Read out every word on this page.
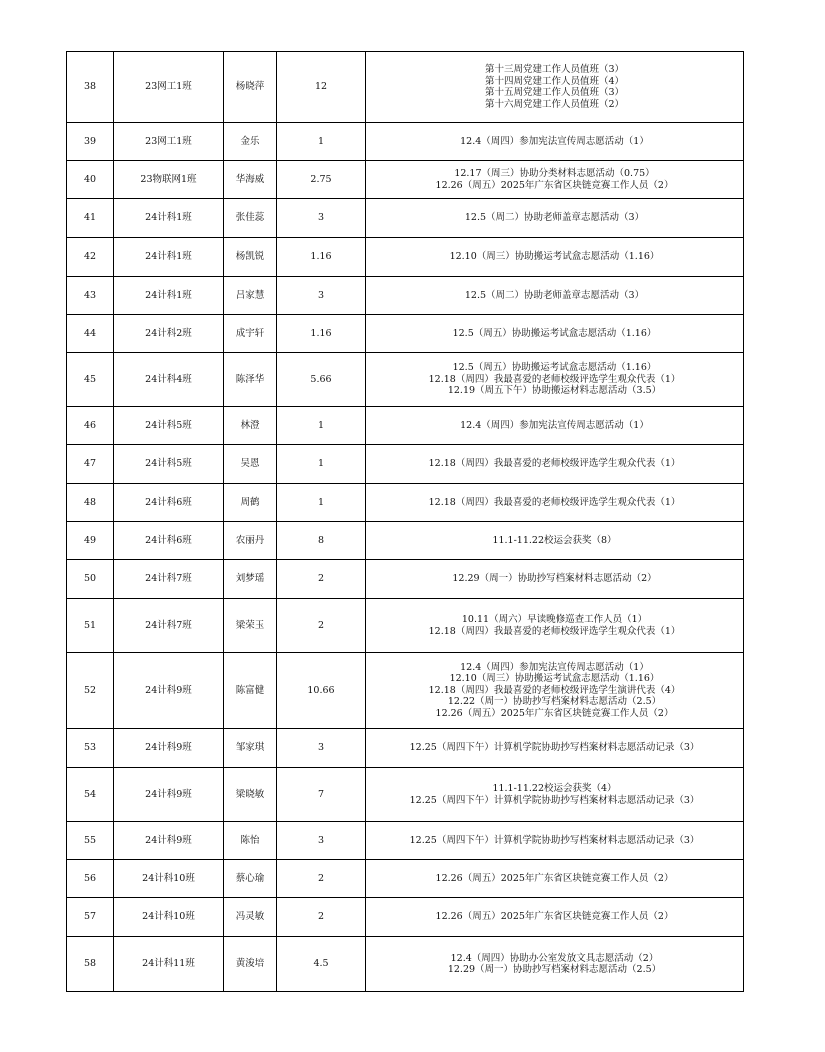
38	23网工1班	杨晓萍	12	第十三周党建工作人员值班（3）
第十四周党建工作人员值班（4）
第十五周党建工作人员值班（3）
第十六周党建工作人员值班（2）

39	23网工1班	金乐	1	12.4（周四）参加宪法宣传周志愿活动（1）

40	23物联网1班	华海威	2.75	12.17（周三）协助分类材料志愿活动（0.75）
12.26（周五）2025年广东省区块链竞赛工作人员（2）

41	24计科1班	张佳蕊	3	12.5（周二）协助老师盖章志愿活动（3）

42	24计科1班	杨凯锐	1.16	12.10（周三）协助搬运考试盒志愿活动（1.16）

43	24计科1班	吕家慧	3	12.5（周二）协助老师盖章志愿活动（3）

44	24计科2班	成宇轩	1.16	12.5（周五）协助搬运考试盒志愿活动（1.16）

45	24计科4班	陈泽华	5.66	12.5（周五）协助搬运考试盒志愿活动（1.16）
12.18（周四）我最喜爱的老师校级评选学生观众代表（1）
12.19（周五下午）协助搬运材料志愿活动（3.5）

46	24计科5班	林澄	1	12.4（周四）参加宪法宣传周志愿活动（1）

47	24计科5班	吴恩	1	12.18（周四）我最喜爱的老师校级评选学生观众代表（1）

48	24计科6班	周鹤	1	12.18（周四）我最喜爱的老师校级评选学生观众代表（1）

49	24计科6班	农丽丹	8	11.1-11.22校运会获奖（8）

50	24计科7班	刘梦瑶	2	12.29（周一）协助抄写档案材料志愿活动（2）

51	24计科7班	梁荣玉	2	10.11（周六）早读晚修巡查工作人员（1）
12.18（周四）我最喜爱的老师校级评选学生观众代表（1）

52	24计科9班	陈富健	10.66	12.4（周四）参加宪法宣传周志愿活动（1）
12.10（周三）协助搬运考试盒志愿活动（1.16）
12.18（周四）我最喜爱的老师校级评选学生演讲代表（4）
12.22（周一）协助抄写档案材料志愿活动（2.5）
12.26（周五）2025年广东省区块链竞赛工作人员（2）

53	24计科9班	邹家琪	3	12.25（周四下午）计算机学院协助抄写档案材料志愿活动记录（3）

54	24计科9班	梁晓敏	7	11.1-11.22校运会获奖（4）
12.25（周四下午）计算机学院协助抄写档案材料志愿活动记录（3）

55	24计科9班	陈怡	3	12.25（周四下午）计算机学院协助抄写档案材料志愿活动记录（3）

56	24计科10班	蔡心瑜	2	12.26（周五）2025年广东省区块链竞赛工作人员（2）

57	24计科10班	冯灵敏	2	12.26（周五）2025年广东省区块链竞赛工作人员（2）

58	24计科11班	黄浚培	4.5	12.4（周四）协助办公室发放文具志愿活动（2）
12.29（周一）协助抄写档案材料志愿活动（2.5）
